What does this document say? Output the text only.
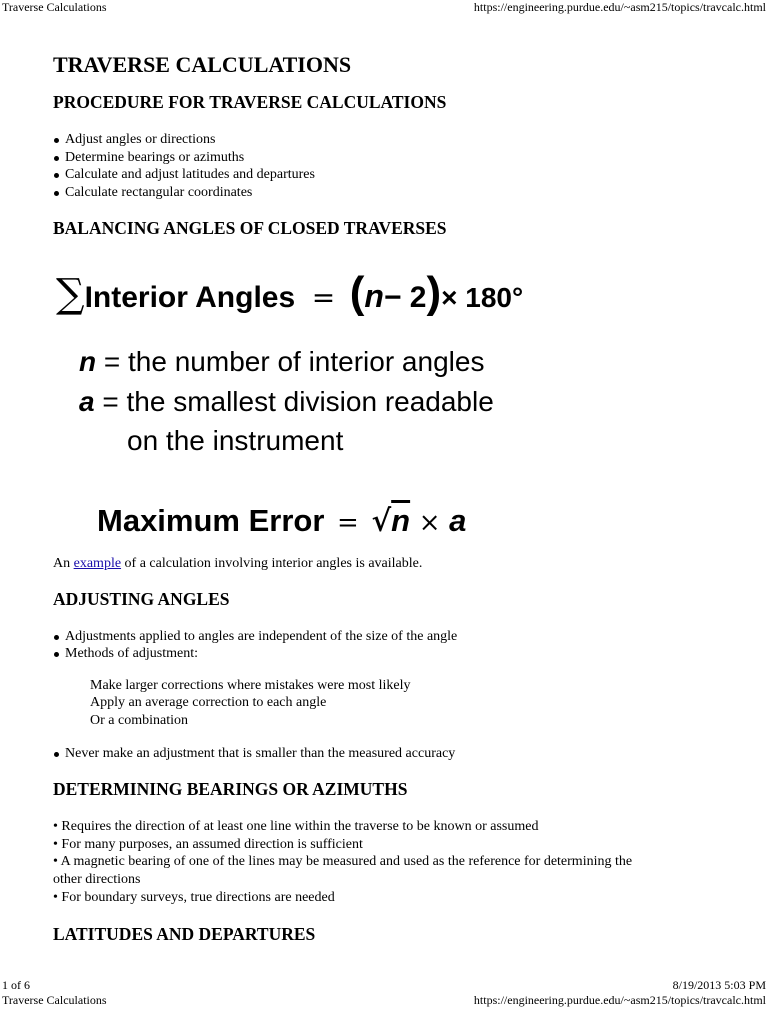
Traverse Calculations	https://engineering.purdue.edu/~asm215/topics/travcalc.html
TRAVERSE CALCULATIONS
PROCEDURE FOR TRAVERSE CALCULATIONS
Adjust angles or directions
Determine bearings or azimuths
Calculate and adjust latitudes and departures
Calculate rectangular coordinates
BALANCING ANGLES OF CLOSED TRAVERSES
∑Interior Angles = (n− 2)× 180°
n = the number of interior angles
a = the smallest division readable
on the instrument
Maximum Error = √n × a

An example of a calculation involving interior angles is available.

ADJUSTING ANGLES
Adjustments applied to angles are independent of the size of the angle
Methods of adjustment:
Make larger corrections where mistakes were most likely
Apply an average correction to each angle
Or a combination
Never make an adjustment that is smaller than the measured accuracy
DETERMINING BEARINGS OR AZIMUTHS
• Requires the direction of at least one line within the traverse to be known or assumed
• For many purposes, an assumed direction is sufficient
• A magnetic bearing of one of the lines may be measured and used as the reference for determining the
other directions
• For boundary surveys, true directions are needed
LATITUDES AND DEPARTURES
1 of 6	8/19/2013 5:03 PM
Traverse Calculations	https://engineering.purdue.edu/~asm215/topics/travcalc.html
